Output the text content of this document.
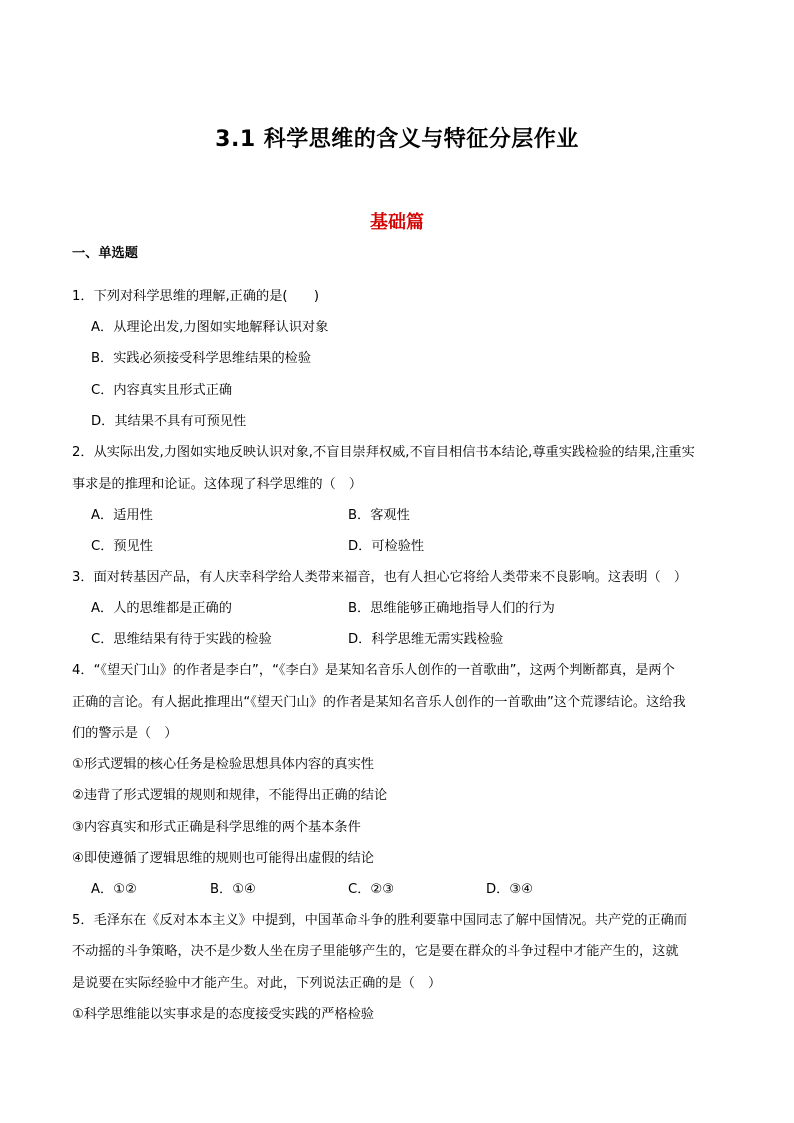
3.1 科学思维的含义与特征分层作业
基础篇
一、单选题
1．下列对科学思维的理解,正确的是(　　)
A．从理论出发,力图如实地解释认识对象
B．实践必须接受科学思维结果的检验
C．内容真实且形式正确
D．其结果不具有可预见性
2．从实际出发,力图如实地反映认识对象,不盲目崇拜权威,不盲目相信书本结论,尊重实践检验的结果,注重实
事求是的推理和论证。这体现了科学思维的（　）
A．适用性	B．客观性
C．预见性	D．可检验性
3．面对转基因产品，有人庆幸科学给人类带来福音，也有人担心它将给人类带来不良影响。这表明（　）
A．人的思维都是正确的	B．思维能够正确地指导人们的行为
C．思维结果有待于实践的检验	D．科学思维无需实践检验
4．“《望天门山》的作者是李白”，“《李白》是某知名音乐人创作的一首歌曲”，这两个判断都真，是两个
正确的言论。有人据此推理出“《望天门山》的作者是某知名音乐人创作的一首歌曲”这个荒谬结论。这给我
们的警示是（　）
①形式逻辑的核心任务是检验思想具体内容的真实性
②违背了形式逻辑的规则和规律，不能得出正确的结论
③内容真实和形式正确是科学思维的两个基本条件
④即使遵循了逻辑思维的规则也可能得出虚假的结论
A．①②	B．①④	C．②③	D．③④
5．毛泽东在《反对本本主义》中提到，中国革命斗争的胜利要靠中国同志了解中国情况。共产党的正确而
不动摇的斗争策略，决不是少数人坐在房子里能够产生的，它是要在群众的斗争过程中才能产生的，这就
是说要在实际经验中才能产生。对此，下列说法正确的是（　）
①科学思维能以实事求是的态度接受实践的严格检验
